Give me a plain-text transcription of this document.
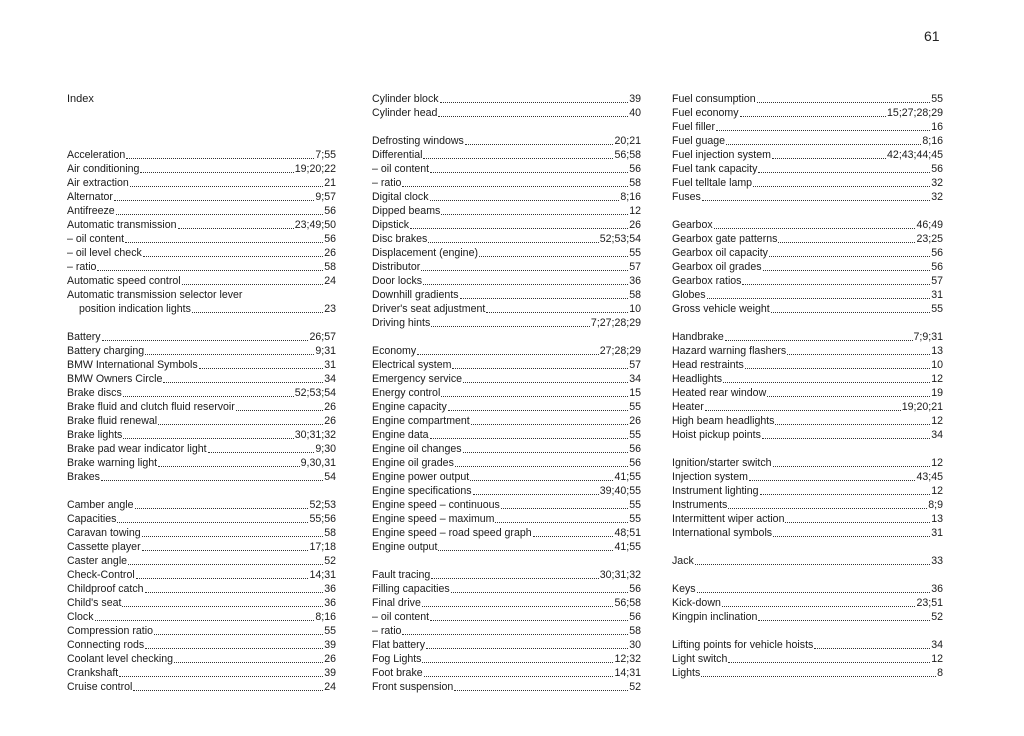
61
Index
Acceleration	7;55
Air conditioning	19;20;22
Air extraction	21
Alternator	9;57
Antifreeze	56
Automatic transmission	23;49;50
– oil content	56
– oil level check	26
– ratio	58
Automatic speed control	24
Automatic transmission selector lever
position indication lights	23
Battery	26;57
Battery charging	9;31
BMW International Symbols	31
BMW Owners Circle	34
Brake discs	52;53;54
Brake fluid and clutch fluid reservoir	26
Brake fluid renewal	26
Brake lights	30;31;32
Brake pad wear indicator light	9;30
Brake warning light	9,30,31
Brakes	54
Camber angle	52;53
Capacities	55;56
Caravan towing	58
Cassette player	17;18
Caster angle	52
Check-Control	14;31
Childproof catch	36
Child's seat	36
Clock	8;16
Compression ratio	55
Connecting rods	39
Coolant level checking	26
Crankshaft	39
Cruise control	24
Cylinder block	39
Cylinder head	40
Defrosting windows	20;21
Differential	56;58
– oil content	56
– ratio	58
Digital clock	8;16
Dipped beams	12
Dipstick	26
Disc brakes	52;53;54
Displacement (engine)	55
Distributor	57
Door locks	36
Downhill gradients	58
Driver's seat adjustment	10
Driving hints	7;27;28;29
Economy	27;28;29
Electrical system	57
Emergency service	34
Energy control	15
Engine capacity	55
Engine compartment	26
Engine data	55
Engine oil changes	56
Engine oil grades	56
Engine power output	41;55
Engine specifications	39;40;55
Engine speed – continuous	55
Engine speed – maximum	55
Engine speed – road speed graph	48;51
Engine output	41;55
Fault tracing	30;31;32
Filling capacities	56
Final drive	56;58
– oil content	56
– ratio	58
Flat battery	30
Fog Lights	12;32
Foot brake	14;31
Front suspension	52
Fuel consumption	55
Fuel economy	15;27;28;29
Fuel filler	16
Fuel guage	8;16
Fuel injection system	42;43;44;45
Fuel tank capacity	56
Fuel telltale lamp	32
Fuses	32
Gearbox	46;49
Gearbox gate patterns	23;25
Gearbox oil capacity	56
Gearbox oil grades	56
Gearbox ratios	57
Globes	31
Gross vehicle weight	55
Handbrake	7;9;31
Hazard warning flashers	13
Head restraints	10
Headlights	12
Heated rear window	19
Heater	19;20;21
High beam headlights	12
Hoist pickup points	34
Ignition/starter switch	12
Injection system	43;45
Instrument lighting	12
Instruments	8;9
Intermittent wiper action	13
International symbols	31
Jack	33
Keys	36
Kick-down	23;51
Kingpin inclination	52
Lifting points for vehicle hoists	34
Light switch	12
Lights	8
